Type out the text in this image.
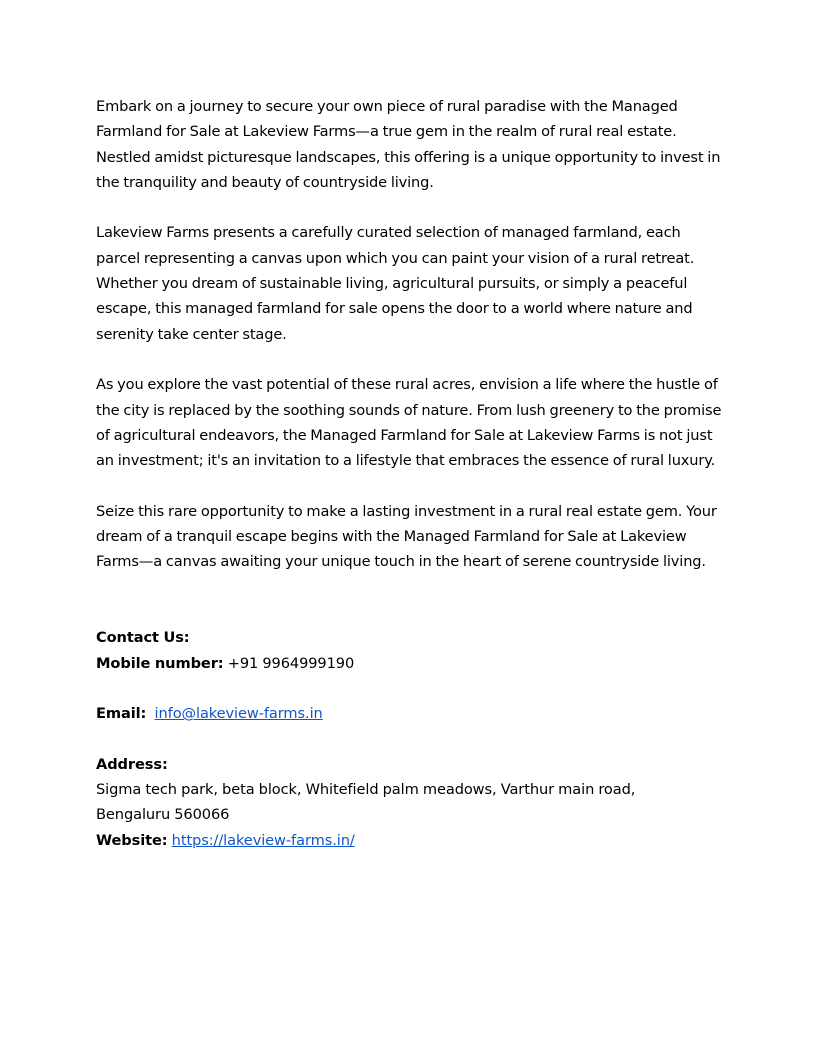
Embark on a journey to secure your own piece of rural paradise with the Managed Farmland for Sale at Lakeview Farms—a true gem in the realm of rural real estate. Nestled amidst picturesque landscapes, this offering is a unique opportunity to invest in the tranquility and beauty of countryside living.

Lakeview Farms presents a carefully curated selection of managed farmland, each parcel representing a canvas upon which you can paint your vision of a rural retreat. Whether you dream of sustainable living, agricultural pursuits, or simply a peaceful escape, this managed farmland for sale opens the door to a world where nature and serenity take center stage.

As you explore the vast potential of these rural acres, envision a life where the hustle of the city is replaced by the soothing sounds of nature. From lush greenery to the promise of agricultural endeavors, the Managed Farmland for Sale at Lakeview Farms is not just an investment; it's an invitation to a lifestyle that embraces the essence of rural luxury.

Seize this rare opportunity to make a lasting investment in a rural real estate gem. Your dream of a tranquil escape begins with the Managed Farmland for Sale at Lakeview Farms—a canvas awaiting your unique touch in the heart of serene countryside living.

Contact Us:
Mobile number: +91 9964999190
Email: info@lakeview-farms.in
Address:
Sigma tech park, beta block, Whitefield palm meadows, Varthur main road,
Bengaluru 560066
Website: https://lakeview-farms.in/
